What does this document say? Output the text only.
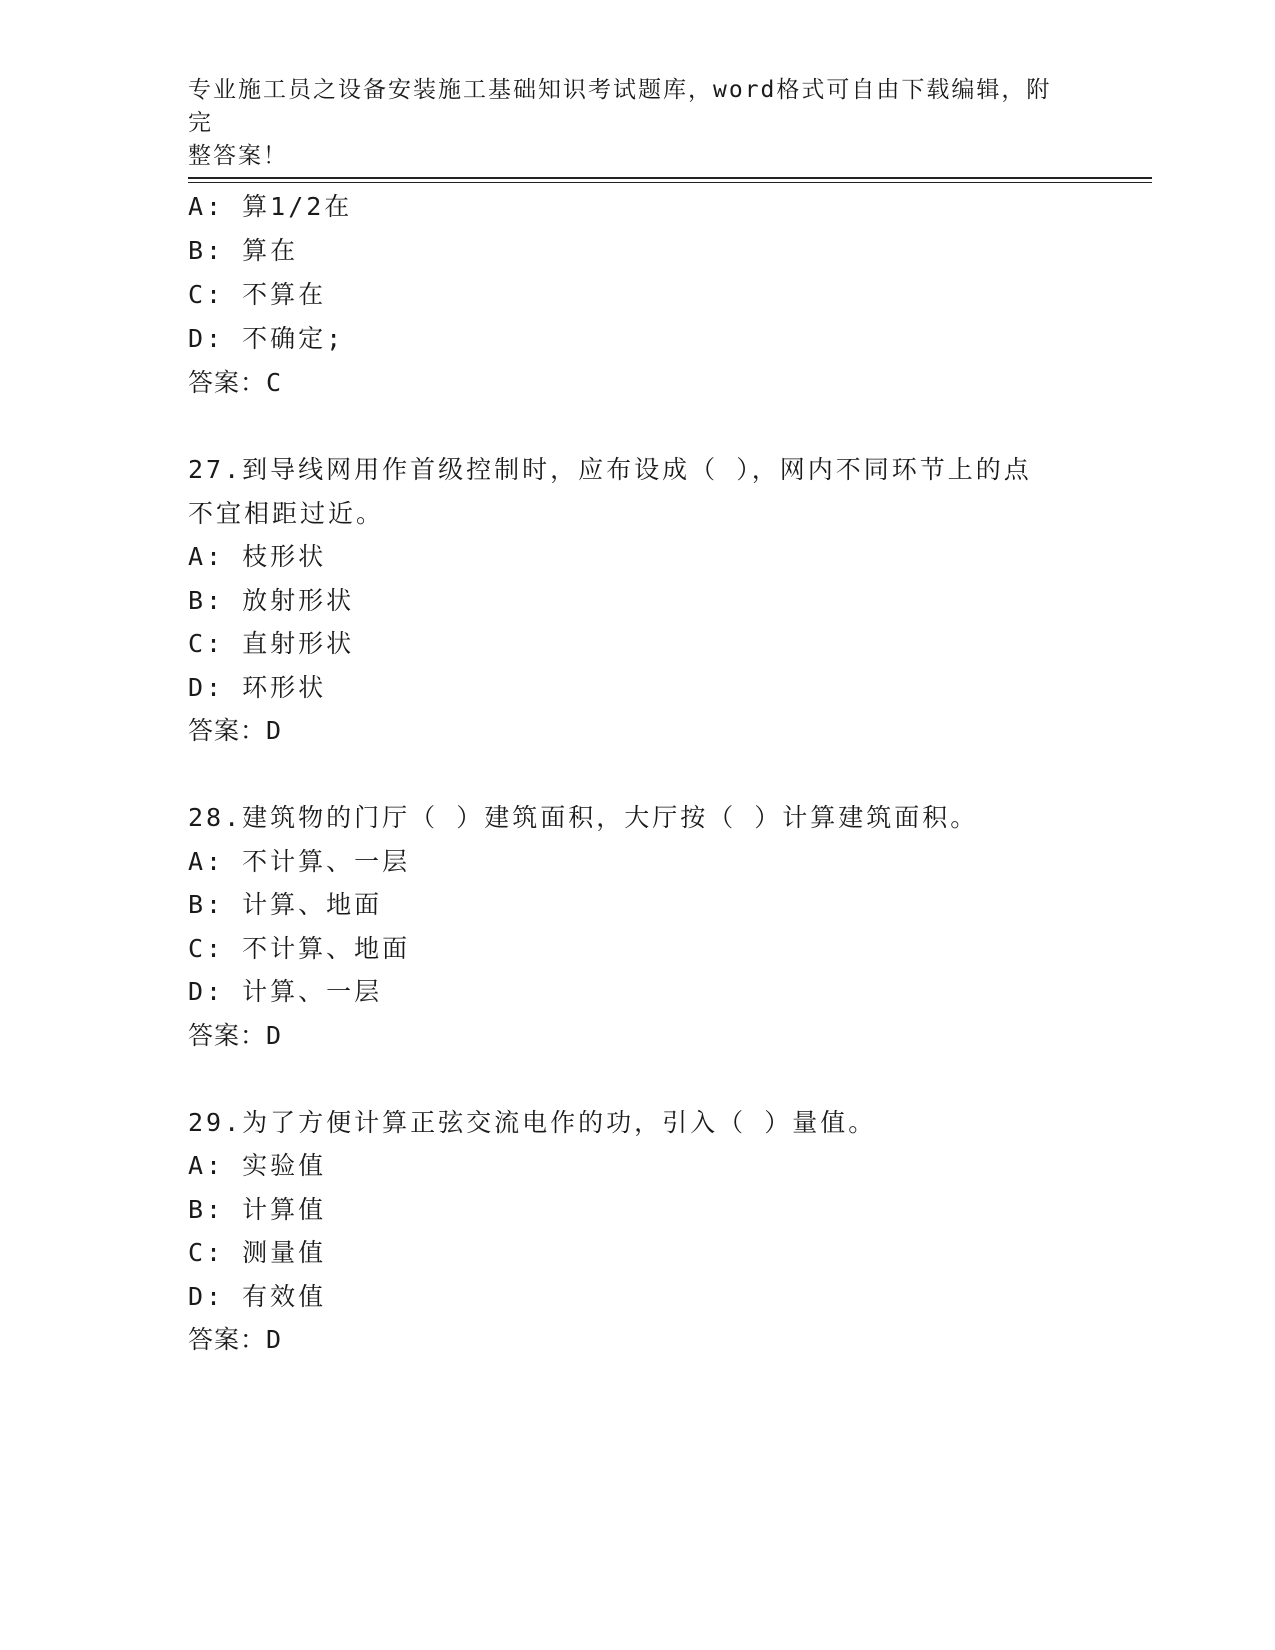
专业施工员之设备安装施工基础知识考试题库，word格式可自由下载编辑，附完
整答案！
A: 算1/2在
B: 算在
C: 不算在
D: 不确定;
答案：C
27.到导线网用作首级控制时，应布设成（ ），网内不同环节上的点
不宜相距过近。
A: 枝形状
B: 放射形状
C: 直射形状
D: 环形状
答案：D
28.建筑物的门厅（ ）建筑面积，大厅按（ ）计算建筑面积。
A: 不计算、一层
B: 计算、地面
C: 不计算、地面
D: 计算、一层
答案：D
29.为了方便计算正弦交流电作的功，引入（ ）量值。
A: 实验值
B: 计算值
C: 测量值
D: 有效值
答案：D
